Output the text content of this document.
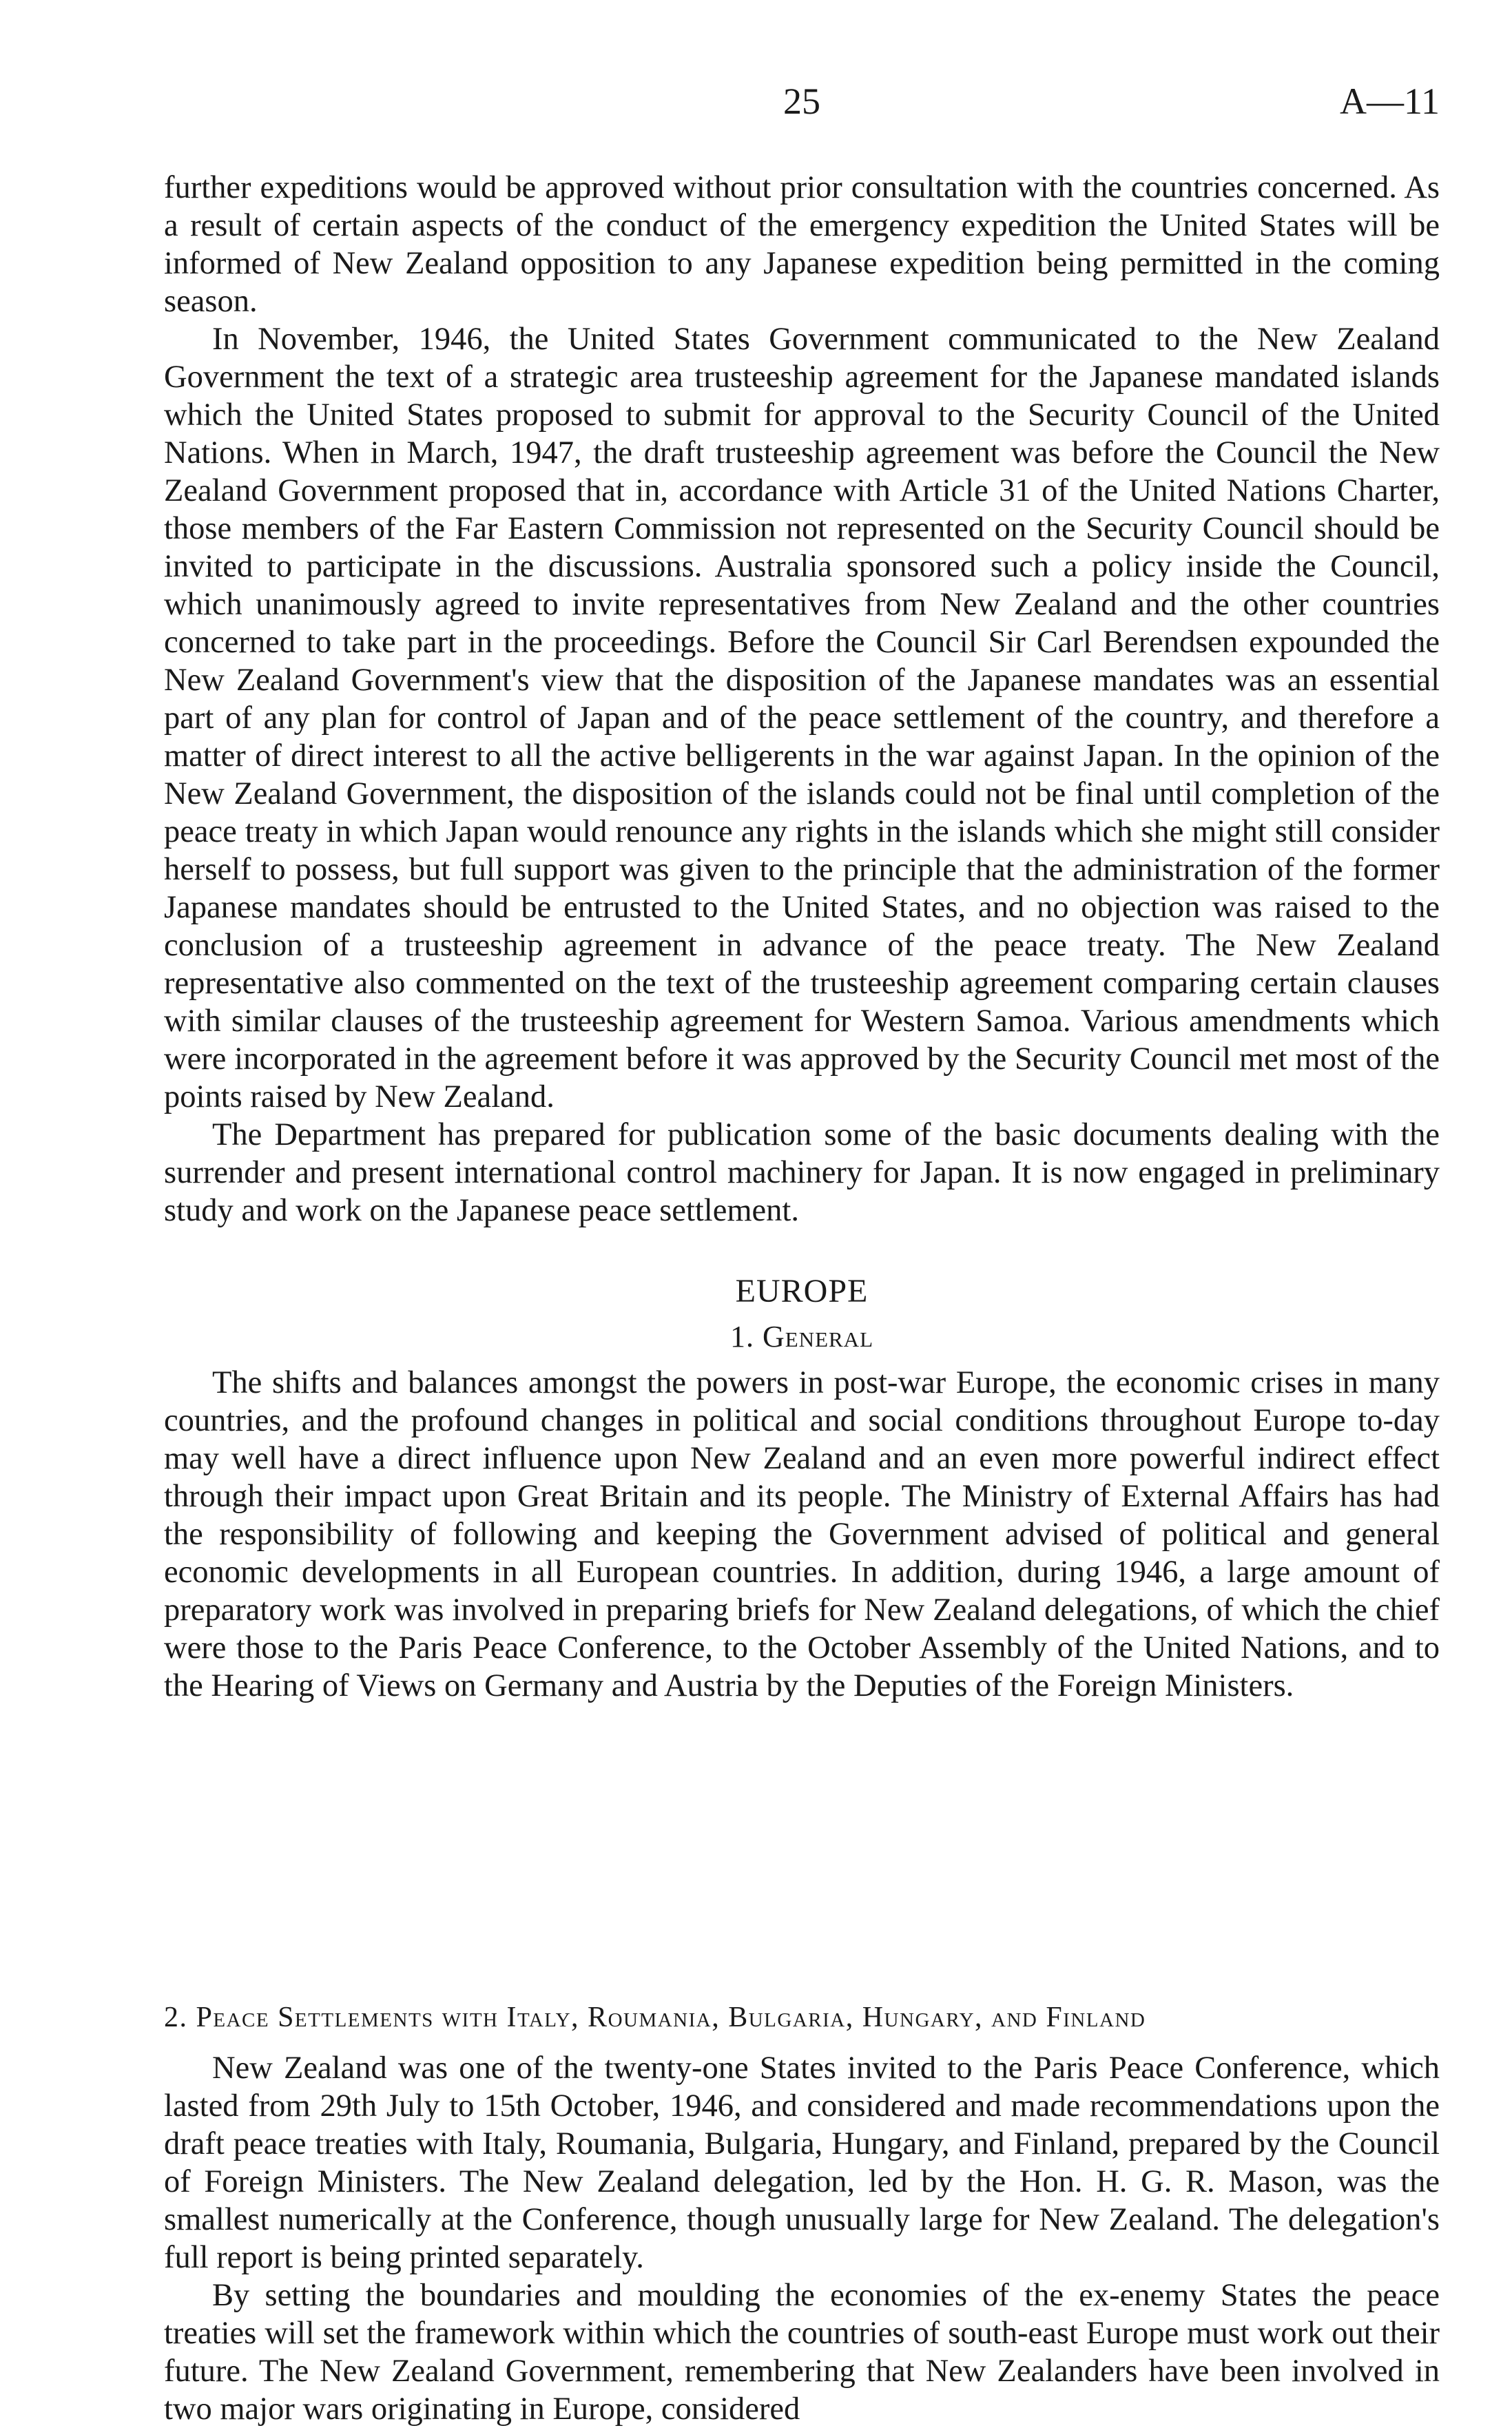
25	A—11

further expeditions would be approved without prior consultation with the countries concerned. As a result of certain aspects of the conduct of the emergency expedition the United States will be informed of New Zealand opposition to any Japanese expedition being permitted in the coming season.

In November, 1946, the United States Government communicated to the New Zealand Government the text of a strategic area trusteeship agreement for the Japanese mandated islands which the United States proposed to submit for approval to the Security Council of the United Nations. When in March, 1947, the draft trusteeship agreement was before the Council the New Zealand Government proposed that in, accordance with Article 31 of the United Nations Charter, those members of the Far Eastern Commission not represented on the Security Council should be invited to participate in the discussions. Australia sponsored such a policy inside the Council, which unanimously agreed to invite representatives from New Zealand and the other countries concerned to take part in the proceedings. Before the Council Sir Carl Berendsen expounded the New Zealand Government's view that the disposition of the Japanese mandates was an essential part of any plan for control of Japan and of the peace settlement of the country, and therefore a matter of direct interest to all the active belligerents in the war against Japan. In the opinion of the New Zealand Government, the disposition of the islands could not be final until completion of the peace treaty in which Japan would renounce any rights in the islands which she might still consider herself to possess, but full support was given to the principle that the administration of the former Japanese mandates should be entrusted to the United States, and no objection was raised to the conclusion of a trusteeship agreement in advance of the peace treaty. The New Zealand representative also commented on the text of the trusteeship agreement comparing certain clauses with similar clauses of the trusteeship agreement for Western Samoa. Various amendments which were incorporated in the agreement before it was approved by the Security Council met most of the points raised by New Zealand.

The Department has prepared for publication some of the basic documents dealing with the surrender and present international control machinery for Japan. It is now engaged in preliminary study and work on the Japanese peace settlement.

EUROPE
1. General

The shifts and balances amongst the powers in post-war Europe, the economic crises in many countries, and the profound changes in political and social conditions throughout Europe to-day may well have a direct influence upon New Zealand and an even more powerful indirect effect through their impact upon Great Britain and its people. The Ministry of External Affairs has had the responsibility of following and keeping the Government advised of political and general economic developments in all European countries. In addition, during 1946, a large amount of preparatory work was involved in preparing briefs for New Zealand delegations, of which the chief were those to the Paris Peace Conference, to the October Assembly of the United Nations, and to the Hearing of Views on Germany and Austria by the Deputies of the Foreign Ministers.

2. Peace Settlements with Italy, Roumania, Bulgaria, Hungary, and Finland

New Zealand was one of the twenty-one States invited to the Paris Peace Conference, which lasted from 29th July to 15th October, 1946, and considered and made recommendations upon the draft peace treaties with Italy, Roumania, Bulgaria, Hungary, and Finland, prepared by the Council of Foreign Ministers. The New Zealand delegation, led by the Hon. H. G. R. Mason, was the smallest numerically at the Conference, though unusually large for New Zealand. The delegation's full report is being printed separately.

By setting the boundaries and moulding the economies of the ex-enemy States the peace treaties will set the framework within which the countries of south-east Europe must work out their future. The New Zealand Government, remembering that New Zealanders have been involved in two major wars originating in Europe, considered
